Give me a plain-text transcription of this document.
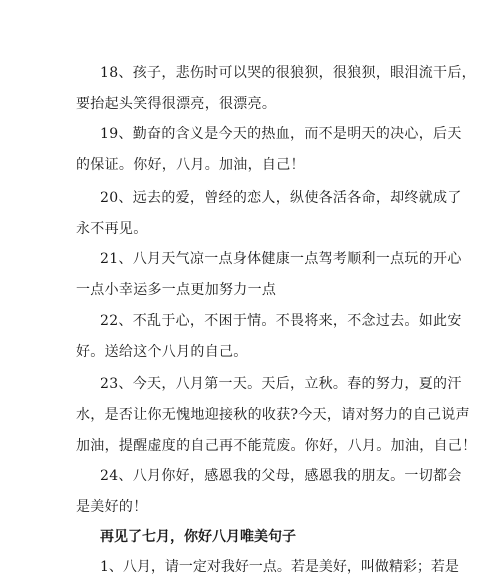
18、孩子，悲伤时可以哭的很狼狈，很狼狈，眼泪流干后，
要抬起头笑得很漂亮，很漂亮。
19、勤奋的含义是今天的热血，而不是明天的决心，后天
的保证。你好，八月。加油，自己！
20、远去的爱，曾经的恋人，纵使各活各命，却终就成了
永不再见。
21、八月天气凉一点身体健康一点驾考顺利一点玩的开心
一点小幸运多一点更加努力一点
22、不乱于心，不困于情。不畏将来，不念过去。如此安
好。送给这个八月的自己。
23、今天，八月第一天。天后，立秋。春的努力，夏的汗
水，是否让你无愧地迎接秋的收获?今天，请对努力的自己说声
加油，提醒虚度的自己再不能荒废。你好，八月。加油，自己！
24、八月你好，感恩我的父母，感恩我的朋友。一切都会
是美好的！
再见了七月，你好八月唯美句子
1、八月，请一定对我好一点。若是美好，叫做精彩；若是
